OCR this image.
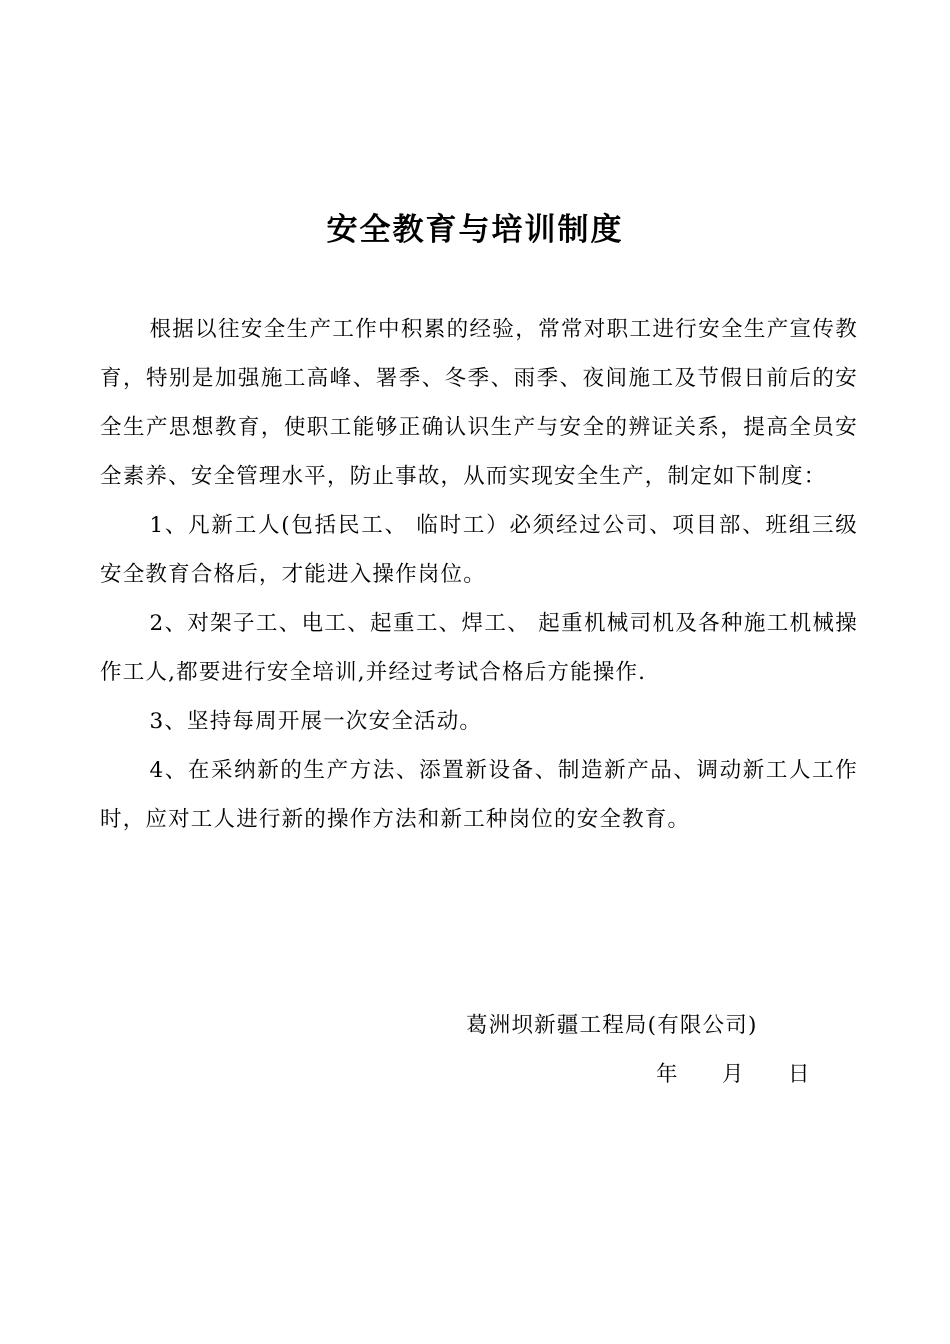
安全教育与培训制度

根据以往安全生产工作中积累的经验，常常对职工进行安全生产宣传教育，特别是加强施工高峰、署季、冬季、雨季、夜间施工及节假日前后的安全生产思想教育，使职工能够正确认识生产与安全的辨证关系，提高全员安全素养、安全管理水平，防止事故，从而实现安全生产，制定如下制度：

1、凡新工人(包括民工、 临时工）必须经过公司、项目部、班组三级安全教育合格后，才能进入操作岗位。

2、对架子工、电工、起重工、焊工、 起重机械司机及各种施工机械操作工人,都要进行安全培训,并经过考试合格后方能操作.

3、坚持每周开展一次安全活动。

4、在采纳新的生产方法、添置新设备、制造新产品、调动新工人工作时，应对工人进行新的操作方法和新工种岗位的安全教育。

葛洲坝新疆工程局(有限公司)
年 月 日
